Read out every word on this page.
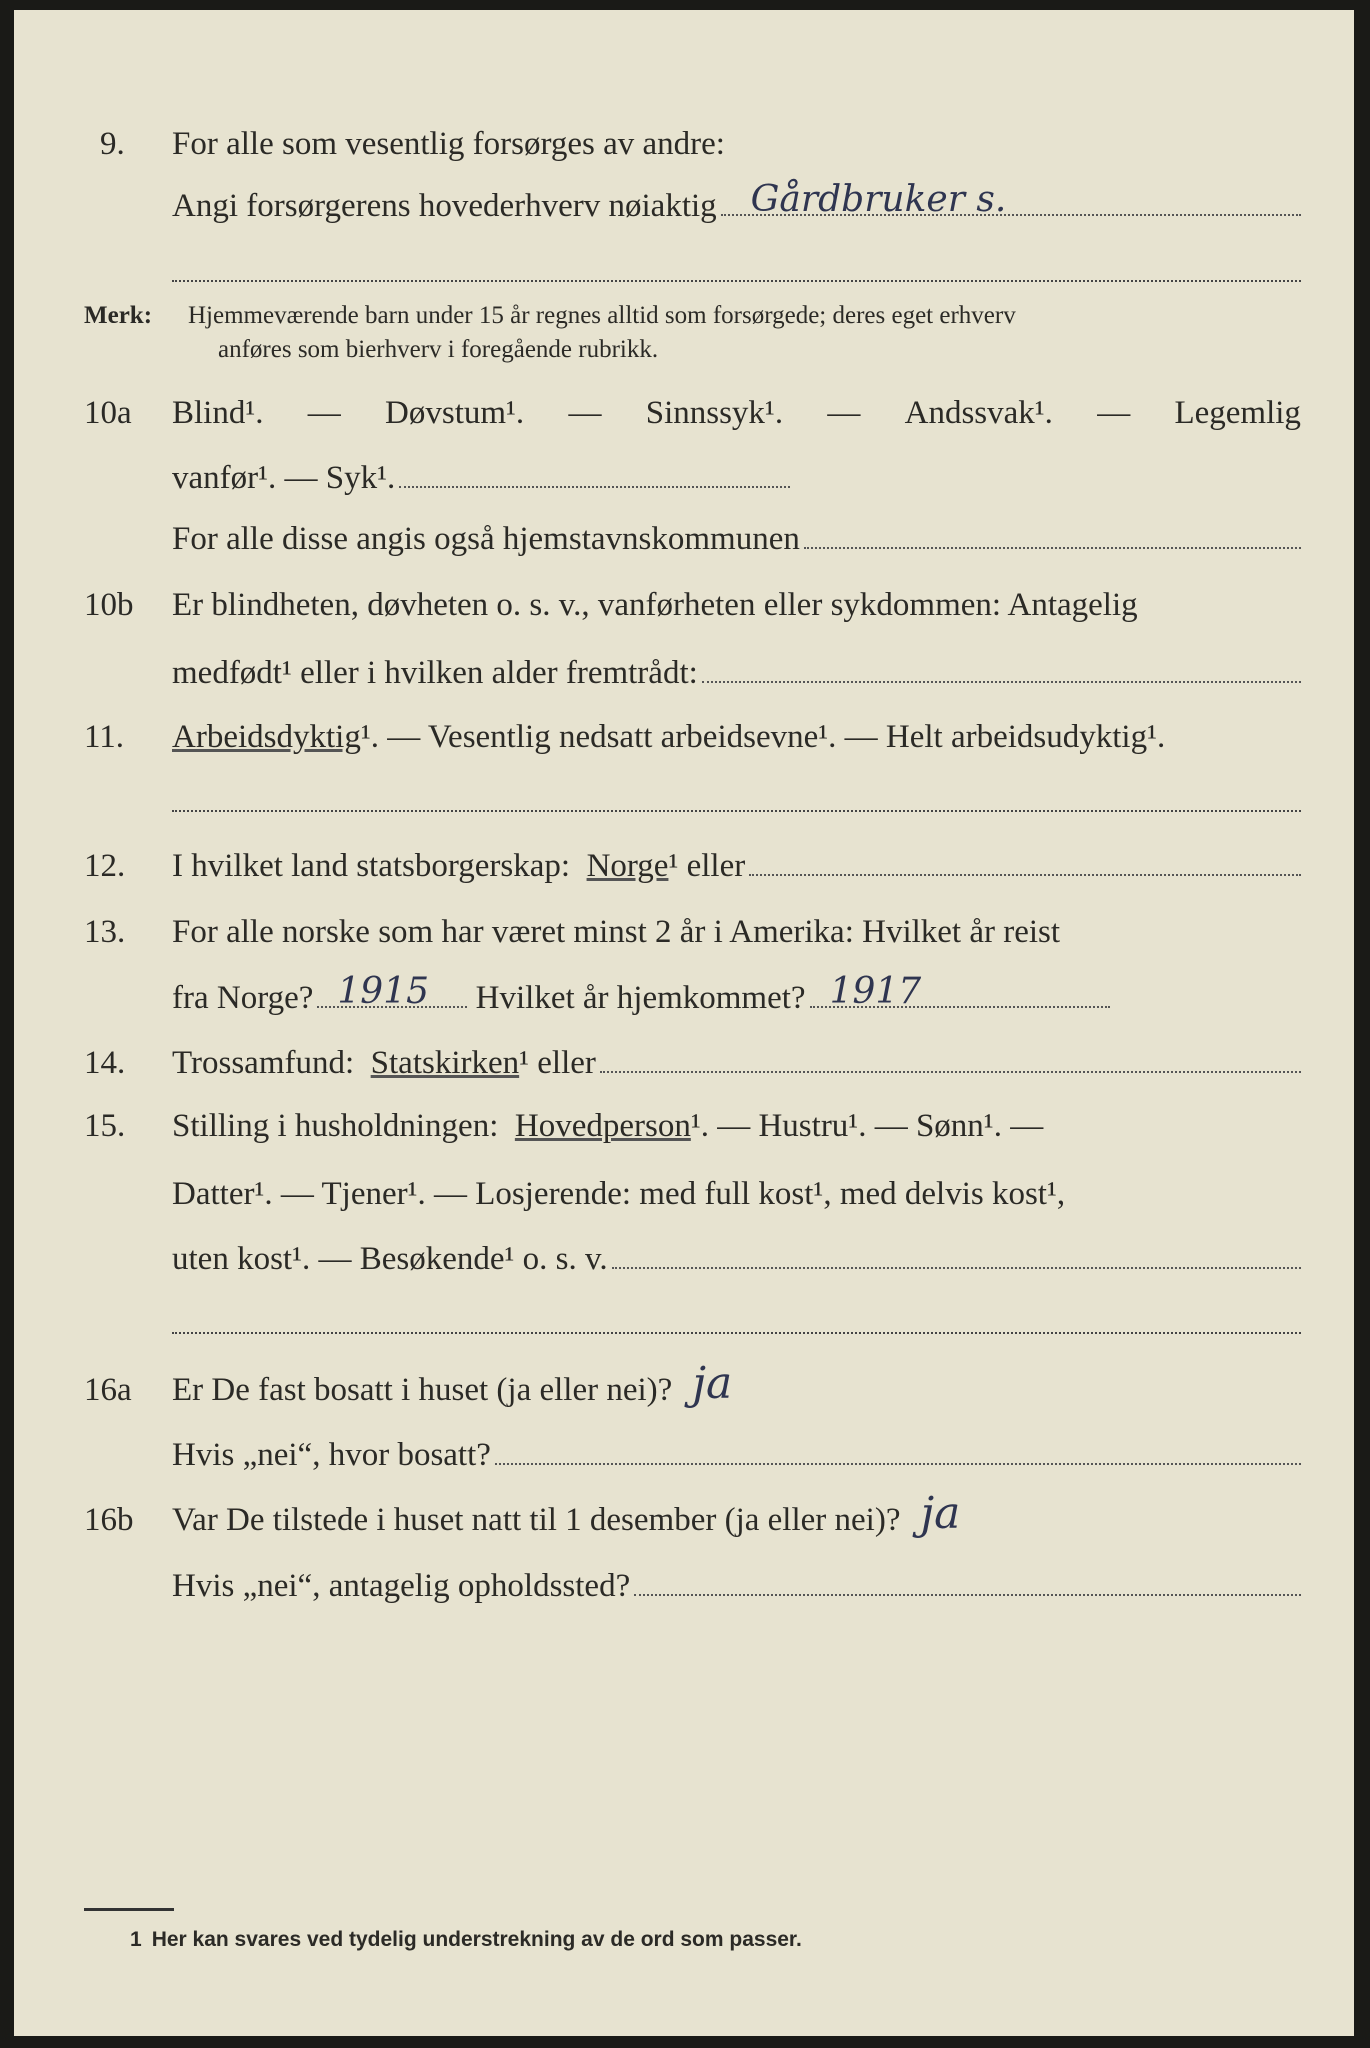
9. For alle som vesentlig forsørges av andre:
Angi forsørgerens hovederhverv nøiaktig Gårdbruker s.
Merk: Hjemmeværende barn under 15 år regnes alltid som forsørgede; deres eget erhverv
anføres som bierhverv i foregående rubrikk.
10a Blind¹. — Døvstum¹. — Sinnssyk¹. — Andssvak¹. — Legemlig
vanfør¹. — Syk¹.
For alle disse angis også hjemstavnskommunen
10b Er blindheten, døvheten o. s. v., vanførheten eller sykdommen: Antagelig
medfødt¹ eller i hvilken alder fremtrådt:
11. Arbeidsdyktig ¹. — Vesentlig nedsatt arbeidsevne¹. — Helt arbeidsudyktig¹.
12. I hvilket land statsborgerskap:
Norge ¹ eller
13. For alle norske som har været minst 2 år i Amerika: Hvilket år reist
fra Norge? 1915
Hvilket år hjemkommet? 1917
14. Trossamfund:
Statskirken ¹ eller
15. Stilling i husholdningen:
Hovedperson ¹. — Hustru¹. — Sønn¹. —
Datter¹. — Tjener¹. — Losjerende: med full kost¹, med delvis kost¹,
uten kost¹. — Besøkende¹ o. s. v.
16a Er De fast bosatt i huset (ja eller nei)? ja
Hvis „nei“, hvor bosatt?
16b Var De tilstede i huset natt til 1 desember (ja eller nei)? ja
Hvis „nei“, antagelig opholdssted?
1 Her kan svares ved tydelig understrekning av de ord som passer.
